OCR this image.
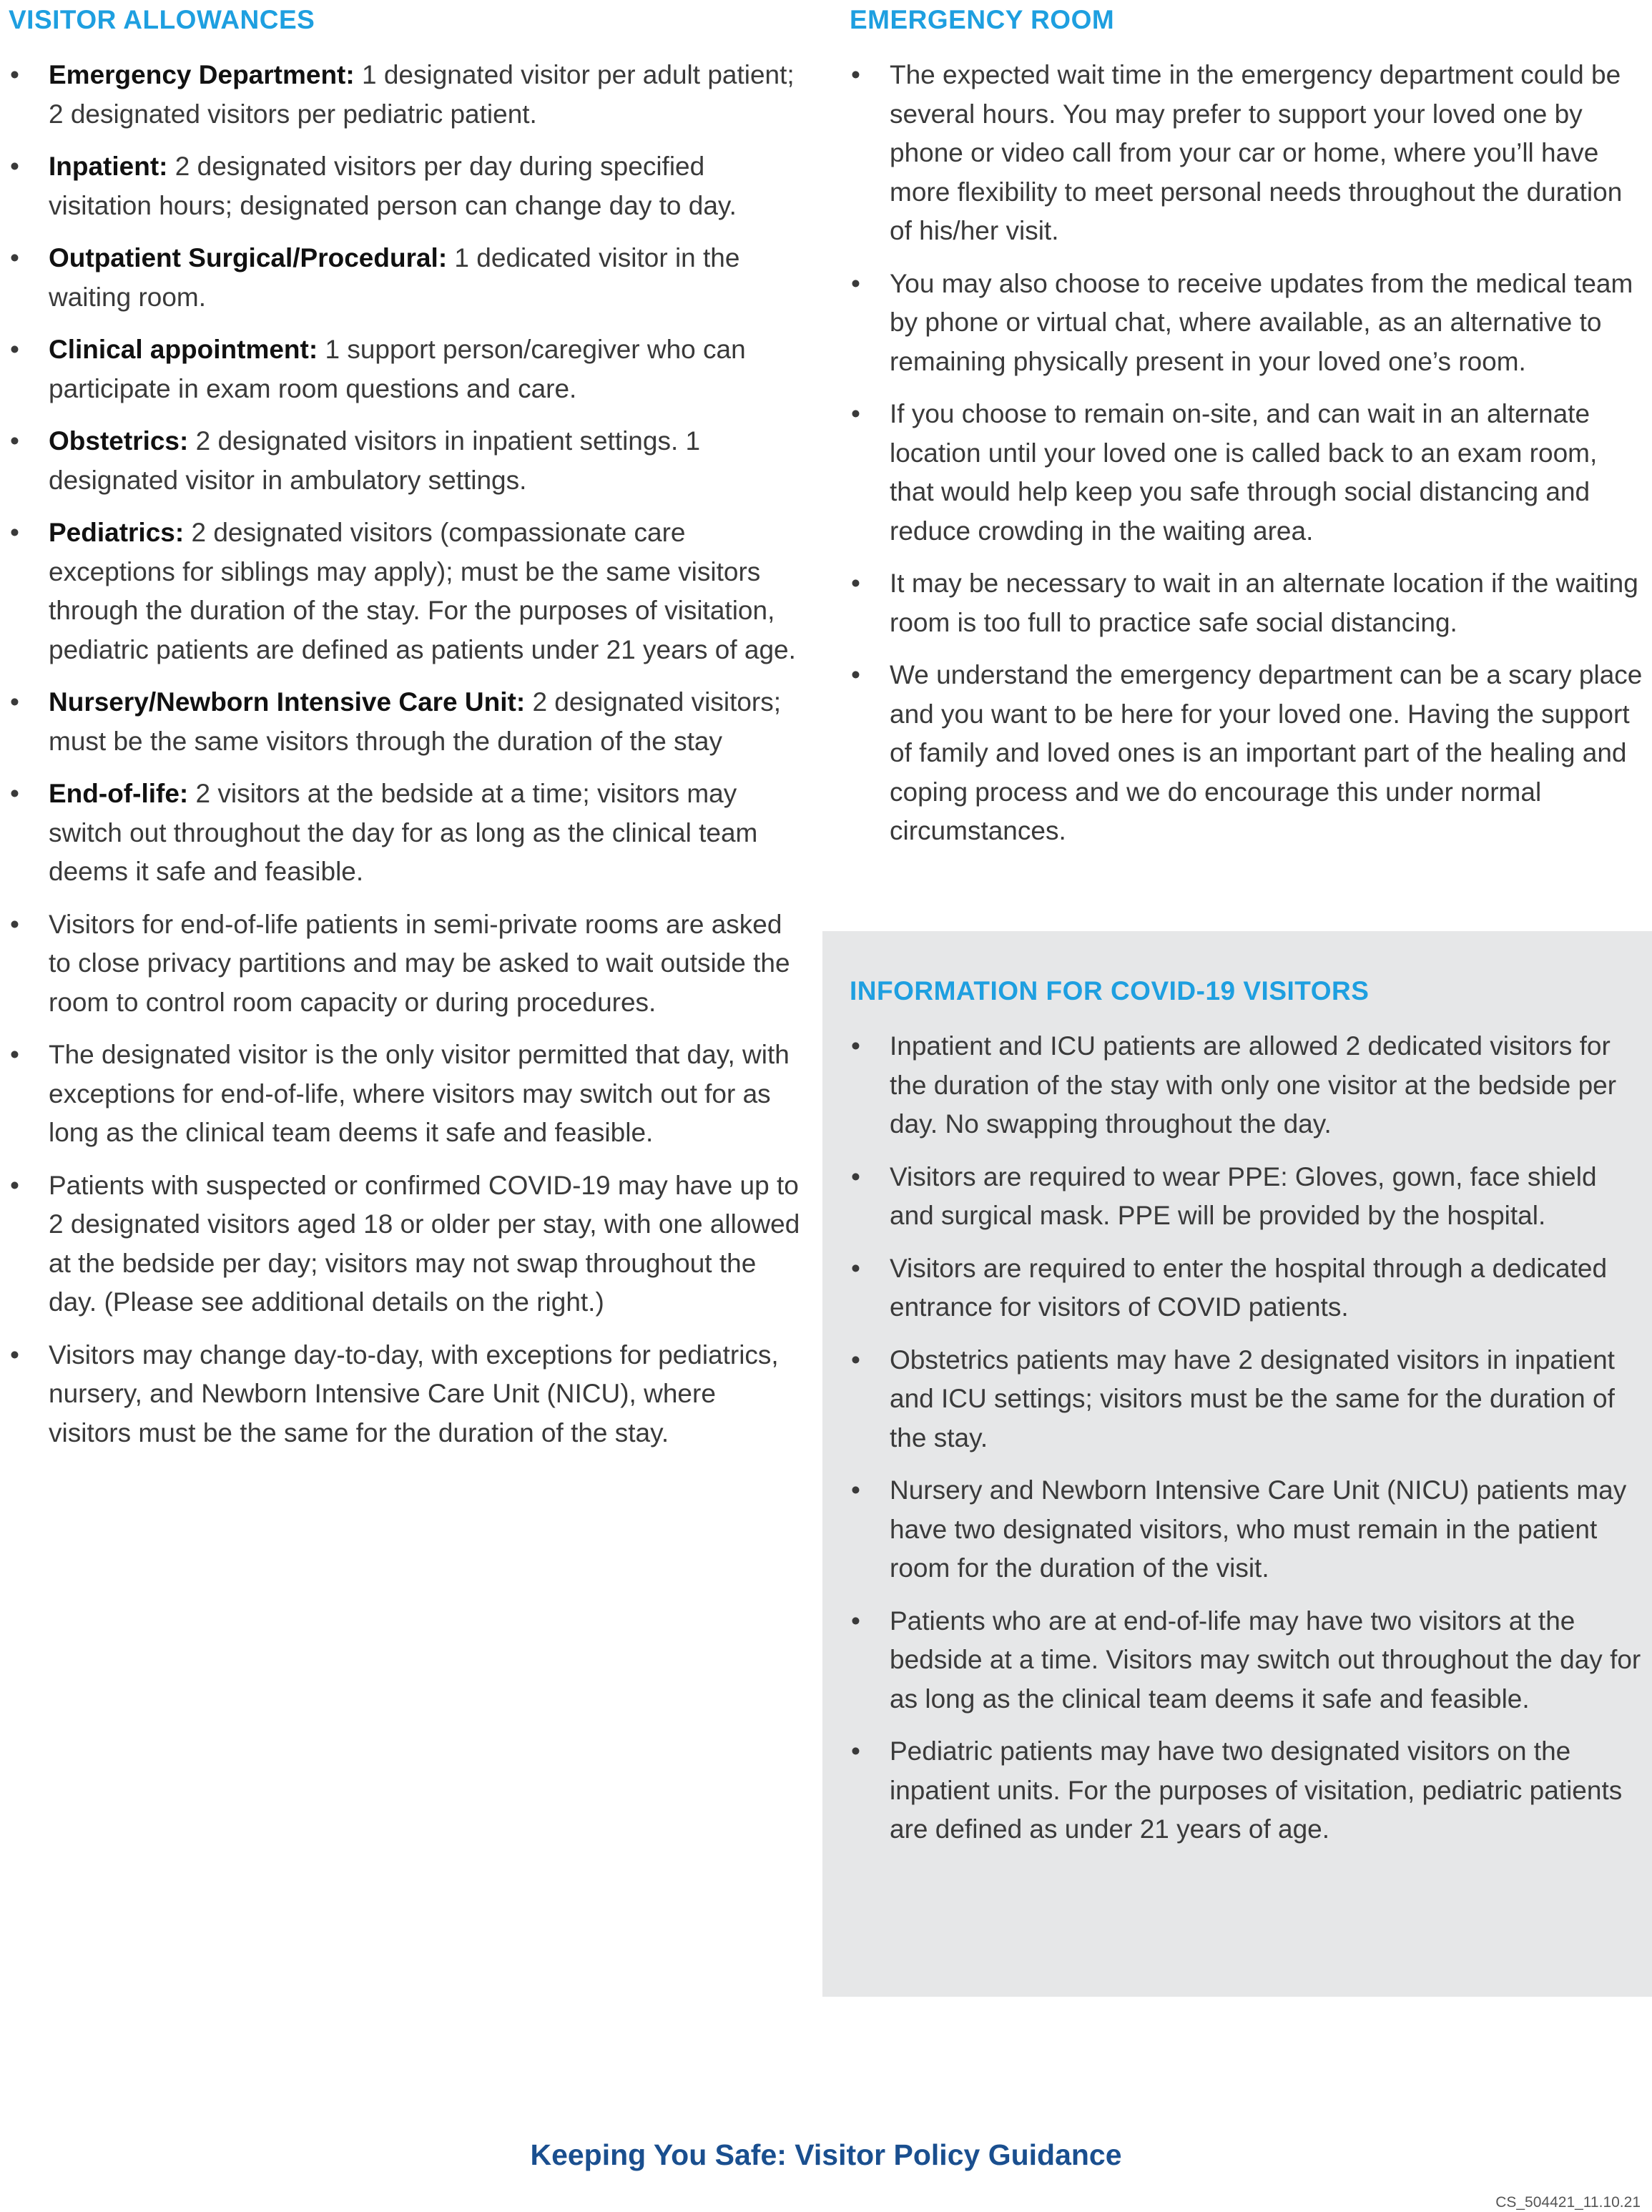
VISITOR ALLOWANCES
• Emergency Department: 1 designated visitor per adult patient; 2 designated visitors per pediatric patient.
• Inpatient: 2 designated visitors per day during specified visitation hours; designated person can change day to day.
• Outpatient Surgical/Procedural: 1 dedicated visitor in the waiting room.
• Clinical appointment: 1 support person/caregiver who can participate in exam room questions and care.
• Obstetrics: 2 designated visitors in inpatient settings. 1 designated visitor in ambulatory settings.
• Pediatrics: 2 designated visitors (compassionate care exceptions for siblings may apply); must be the same visitors through the duration of the stay. For the purposes of visitation, pediatric patients are defined as patients under 21 years of age.
• Nursery/Newborn Intensive Care Unit: 2 designated visitors; must be the same visitors through the duration of the stay
• End-of-life: 2 visitors at the bedside at a time; visitors may switch out throughout the day for as long as the clinical team deems it safe and feasible.
• Visitors for end-of-life patients in semi-private rooms are asked to close privacy partitions and may be asked to wait outside the room to control room capacity or during procedures.
• The designated visitor is the only visitor permitted that day, with exceptions for end-of-life, where visitors may switch out for as long as the clinical team deems it safe and feasible.
• Patients with suspected or confirmed COVID-19 may have up to 2 designated visitors aged 18 or older per stay, with one allowed at the bedside per day; visitors may not swap throughout the day. (Please see additional details on the right.)
• Visitors may change day-to-day, with exceptions for pediatrics, nursery, and Newborn Intensive Care Unit (NICU), where visitors must be the same for the duration of the stay.
EMERGENCY ROOM
• The expected wait time in the emergency department could be several hours. You may prefer to support your loved one by phone or video call from your car or home, where you’ll have more flexibility to meet personal needs throughout the duration of his/her visit.
• You may also choose to receive updates from the medical team by phone or virtual chat, where available, as an alternative to remaining physically present in your loved one’s room.
• If you choose to remain on-site, and can wait in an alternate location until your loved one is called back to an exam room, that would help keep you safe through social distancing and reduce crowding in the waiting area.
• It may be necessary to wait in an alternate location if the waiting room is too full to practice safe social distancing.
• We understand the emergency department can be a scary place and you want to be here for your loved one. Having the support of family and loved ones is an important part of the healing and coping process and we do encourage this under normal circumstances.
INFORMATION FOR COVID-19 VISITORS
• Inpatient and ICU patients are allowed 2 dedicated visitors for the duration of the stay with only one visitor at the bedside per day. No swapping throughout the day.
• Visitors are required to wear PPE: Gloves, gown, face shield and surgical mask. PPE will be provided by the hospital.
• Visitors are required to enter the hospital through a dedicated entrance for visitors of COVID patients.
• Obstetrics patients may have 2 designated visitors in inpatient and ICU settings; visitors must be the same for the duration of the stay.
• Nursery and Newborn Intensive Care Unit (NICU) patients may have two designated visitors, who must remain in the patient room for the duration of the visit.
• Patients who are at end-of-life may have two visitors at the bedside at a time. Visitors may switch out throughout the day for as long as the clinical team deems it safe and feasible.
• Pediatric patients may have two designated visitors on the inpatient units. For the purposes of visitation, pediatric patients are defined as under 21 years of age.
Keeping You Safe: Visitor Policy Guidance
CS_504421_11.10.21
